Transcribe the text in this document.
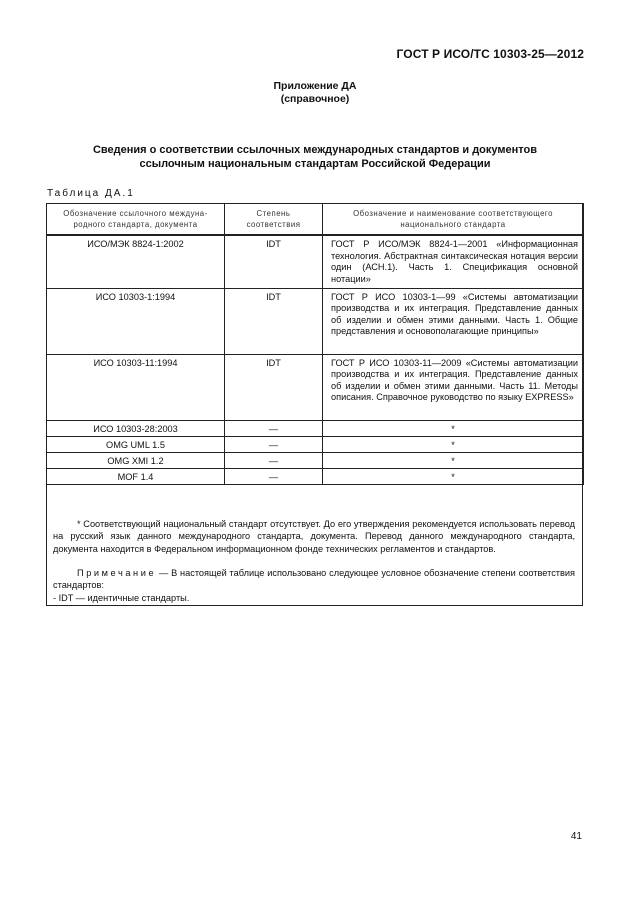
ГОСТ Р ИСО/ТС 10303-25—2012
Приложение ДА
(справочное)
Сведения о соответствии ссылочных международных стандартов и документов
ссылочным национальным стандартам Российской Федерации
Таблица ДА.1
Обозначение ссылочного междуна-родного стандарта, документа	Степень соответствия	Обозначение и наименование соответствующего национального стандарта
ИСО/МЭК 8824-1:2002	IDT	ГОСТ Р ИСО/МЭК 8824-1—2001 «Информационная технология. Абстрактная синтаксическая нотация версии один (АСН.1). Часть 1. Спецификация основной нотации»
ИСО 10303-1:1994	IDT	ГОСТ Р ИСО 10303-1—99 «Системы автоматизации производства и их интеграция. Представление данных об изделии и обмен этими данными. Часть 1. Общие представления и основополагающие принципы»
ИСО 10303-11:1994	IDT	ГОСТ Р ИСО 10303-11—2009 «Системы автоматизации производства и их интеграция. Представление данных об изделии и обмен этими данными. Часть 11. Методы описания. Справочное руководство по языку EXPRESS»
ИСО 10303-28:2003	—	*
OMG UML 1.5	—	*
OMG XMI 1.2	—	*
MOF 1.4	—	*
* Соответствующий национальный стандарт отсутствует. До его утверждения рекомендуется использовать перевод на русский язык данного международного стандарта, документа. Перевод данного международного стандарта, документа находится в Федеральном информационном фонде технических регламентов и стандартов.
Примечание — В настоящей таблице использовано следующее условное обозначение степени соответствия стандартов:
- IDT — идентичные стандарты.
41
